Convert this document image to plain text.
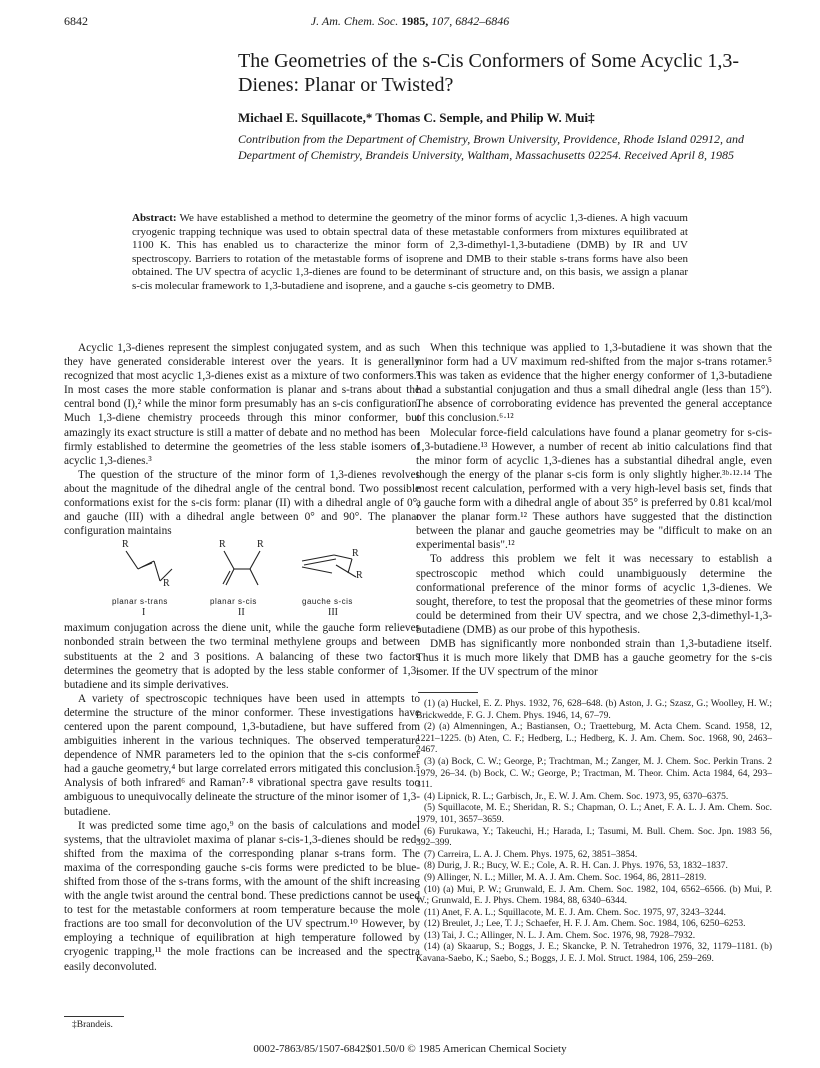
6842	J. Am. Chem. Soc. 1985, 107, 6842–6846
The Geometries of the s-Cis Conformers of Some Acyclic 1,3-Dienes: Planar or Twisted?
Michael E. Squillacote,* Thomas C. Semple, and Philip W. Mui‡
Contribution from the Department of Chemistry, Brown University, Providence, Rhode Island 02912, and Department of Chemistry, Brandeis University, Waltham, Massachusetts 02254. Received April 8, 1985
Abstract: We have established a method to determine the geometry of the minor forms of acyclic 1,3-dienes. A high vacuum cryogenic trapping technique was used to obtain spectral data of these metastable conformers from mixtures equilibrated at 1100 K. This has enabled us to characterize the minor form of 2,3-dimethyl-1,3-butadiene (DMB) by IR and UV spectroscopy. Barriers to rotation of the metastable forms of isoprene and DMB to their stable s-trans forms have also been obtained. The UV spectra of acyclic 1,3-dienes are found to be determinant of structure and, on this basis, we assign a planar s-cis molecular framework to 1,3-butadiene and isoprene, and a gauche s-cis geometry to DMB.

Acyclic 1,3-dienes represent the simplest conjugated system, and as such they have generated considerable interest over the years. It is generally recognized that most acyclic 1,3-dienes exist as a mixture of two conformers.¹ In most cases the more stable conformation is planar and s-trans about the central bond (I),² while the minor form presumably has an s-cis configuration. Much 1,3-diene chemistry proceeds through this minor conformer, but amazingly its exact structure is still a matter of debate and no method has been firmly established to determine the geometries of the less stable isomers of acyclic 1,3-dienes.³

The question of the structure of the minor form of 1,3-dienes revolves about the magnitude of the dihedral angle of the central bond. Two possible conformations exist for the s-cis form: planar (II) with a dihedral angle of 0°, and gauche (III) with a dihedral angle between 0° and 90°. The planar configuration maintains

R
R
R	R
R
R
planar s-trans	planar s-cis	gauche s-cis
I	II	III

maximum conjugation across the diene unit, while the gauche form relieves nonbonded strain between the two terminal methylene groups and between substituents at the 2 and 3 positions. A balancing of these two factors determines the geometry that is adopted by the less stable conformer of 1,3-butadiene and its simple derivatives.

A variety of spectroscopic techniques have been used in attempts to determine the structure of the minor conformer. These investigations have centered upon the parent compound, 1,3-butadiene, but have suffered from ambiguities inherent in the various techniques. The observed temperature dependence of NMR parameters led to the opinion that the s-cis conformer had a gauche geometry,⁴ but large correlated errors mitigated this conclusion.⁵ Analysis of both infrared⁶ and Raman⁷·⁸ vibrational spectra gave results too ambiguous to unequivocally delineate the structure of the minor isomer of 1,3-butadiene.

It was predicted some time ago,⁹ on the basis of calculations and model systems, that the ultraviolet maxima of planar s-cis-1,3-dienes should be red-shifted from the maxima of the corresponding planar s-trans form. The maxima of the corresponding gauche s-cis forms were predicted to be blue-shifted from those of the s-trans forms, with the amount of the shift increasing with the angle twist around the central bond. These predictions cannot be used to test for the metastable conformers at room temperature because the mole fractions are too small for deconvolution of the UV spectrum.¹⁰ However, by employing a technique of equilibration at high temperature followed by cryogenic trapping,¹¹ the mole fractions can be increased and the spectra easily deconvoluted.

When this technique was applied to 1,3-butadiene it was shown that the minor form had a UV maximum red-shifted from the major s-trans rotamer.⁵ This was taken as evidence that the higher energy conformer of 1,3-butadiene had a substantial conjugation and thus a small dihedral angle (less than 15°). The absence of corroborating evidence has prevented the general acceptance of this conclusion.⁶·¹²

Molecular force-field calculations have found a planar geometry for s-cis-1,3-butadiene.¹³ However, a number of recent ab initio calculations find that the minor form of acyclic 1,3-dienes has a substantial dihedral angle, even though the energy of the planar s-cis form is only slightly higher.³ᵇ·¹²·¹⁴ The most recent calculation, performed with a very high-level basis set, finds that a gauche form with a dihedral angle of about 35° is preferred by 0.81 kcal/mol over the planar form.¹² These authors have suggested that the distinction between the planar and gauche geometries may be "difficult to make on an experimental basis".¹²

To address this problem we felt it was necessary to establish a spectroscopic method which could unambiguously determine the conformational preference of the minor forms of acyclic 1,3-dienes. We sought, therefore, to test the proposal that the geometries of these minor forms could be determined from their UV spectra, and we chose 2,3-dimethyl-1,3-butadiene (DMB) as our probe of this hypothesis.

DMB has significantly more nonbonded strain than 1,3-butadiene itself. Thus it is much more likely that DMB has a gauche geometry for the s-cis isomer. If the UV spectrum of the minor

(1) (a) Huckel, E. Z. Phys. 1932, 76, 628–648. (b) Aston, J. G.; Szasz, G.; Woolley, H. W.; Brickwedde, F. G. J. Chem. Phys. 1946, 14, 67–79.
(2) (a) Almenningen, A.; Bastiansen, O.; Traetteburg, M. Acta Chem. Scand. 1958, 12, 1221–1225. (b) Aten, C. F.; Hedberg, L.; Hedberg, K. J. Am. Chem. Soc. 1968, 90, 2463–2467.
(3) (a) Bock, C. W.; George, P.; Trachtman, M.; Zanger, M. J. Chem. Soc. Perkin Trans. 2 1979, 26–34. (b) Bock, C. W.; George, P.; Tractman, M. Theor. Chim. Acta 1984, 64, 293–311.
(4) Lipnick, R. L.; Garbisch, Jr., E. W. J. Am. Chem. Soc. 1973, 95, 6370–6375.
(5) Squillacote, M. E.; Sheridan, R. S.; Chapman, O. L.; Anet, F. A. L. J. Am. Chem. Soc. 1979, 101, 3657–3659.
(6) Furukawa, Y.; Takeuchi, H.; Harada, I.; Tasumi, M. Bull. Chem. Soc. Jpn. 1983 56, 392–399.
(7) Carreira, L. A. J. Chem. Phys. 1975, 62, 3851–3854.
(8) Durig, J. R.; Bucy, W. E.; Cole, A. R. H. Can. J. Phys. 1976, 53, 1832–1837.
(9) Allinger, N. L.; Miller, M. A. J. Am. Chem. Soc. 1964, 86, 2811–2819.
(10) (a) Mui, P. W.; Grunwald, E. J. Am. Chem. Soc. 1982, 104, 6562–6566. (b) Mui, P. W.; Grunwald, E. J. Phys. Chem. 1984, 88, 6340–6344.
(11) Anet, F. A. L.; Squillacote, M. E. J. Am. Chem. Soc. 1975, 97, 3243–3244.
(12) Breulet, J.; Lee, T. J.; Schaefer, H. F. J. Am. Chem. Soc. 1984, 106, 6250–6253.
(13) Tai, J. C.; Allinger, N. L. J. Am. Chem. Soc. 1976, 98, 7928–7932.
(14) (a) Skaarup, S.; Boggs, J. E.; Skancke, P. N. Tetrahedron 1976, 32, 1179–1181. (b) Kavana-Saebo, K.; Saebo, S.; Boggs, J. E. J. Mol. Struct. 1984, 106, 259–269.
‡Brandeis.
0002-7863/85/1507-6842$01.50/0 © 1985 American Chemical Society
